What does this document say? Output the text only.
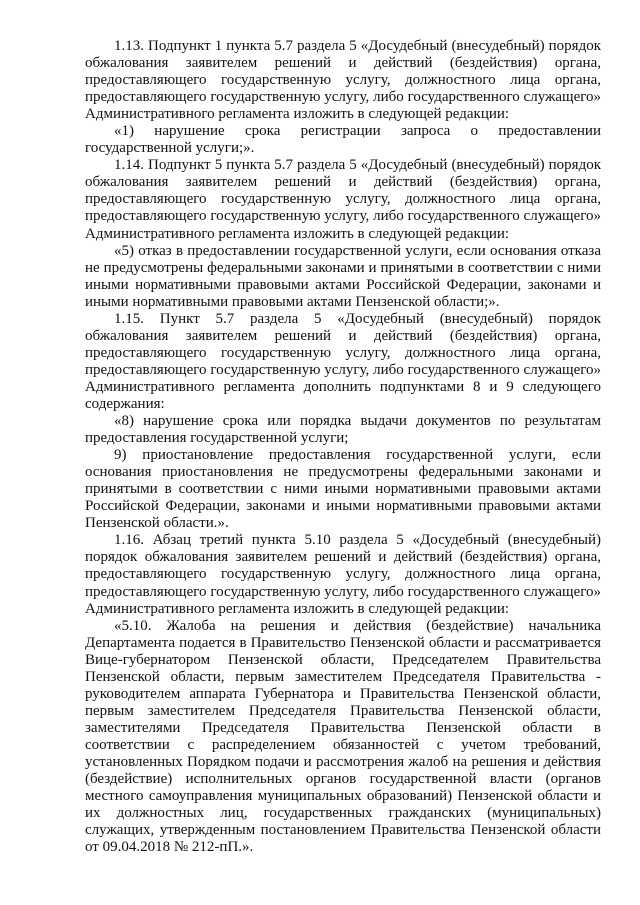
1.13. Подпункт 1 пункта 5.7 раздела 5 «Досудебный (внесудебный) порядок обжалования заявителем решений и действий (бездействия) органа, предоставляющего государственную услугу, должностного лица органа, предоставляющего государственную услугу, либо государственного служащего» Административного регламента изложить в следующей редакции:

«1) нарушение срока регистрации запроса о предоставлении государственной услуги;».

1.14. Подпункт 5 пункта 5.7 раздела 5 «Досудебный (внесудебный) порядок обжалования заявителем решений и действий (бездействия) органа, предоставляющего государственную услугу, должностного лица органа, предоставляющего государственную услугу, либо государственного служащего» Административного регламента изложить в следующей редакции:

«5) отказ в предоставлении государственной услуги, если основания отказа не предусмотрены федеральными законами и принятыми в соответствии с ними иными нормативными правовыми актами Российской Федерации, законами и иными нормативными правовыми актами Пензенской области;».

1.15. Пункт 5.7 раздела 5 «Досудебный (внесудебный) порядок обжалования заявителем решений и действий (бездействия) органа, предоставляющего государственную услугу, должностного лица органа, предоставляющего государственную услугу, либо государственного служащего» Административного регламента дополнить подпунктами 8 и 9 следующего содержания:

«8) нарушение срока или порядка выдачи документов по результатам предоставления государственной услуги;

9) приостановление предоставления государственной услуги, если основания приостановления не предусмотрены федеральными законами и принятыми в соответствии с ними иными нормативными правовыми актами Российской Федерации, законами и иными нормативными правовыми актами Пензенской области.».

1.16. Абзац третий пункта 5.10 раздела 5 «Досудебный (внесудебный) порядок обжалования заявителем решений и действий (бездействия) органа, предоставляющего государственную услугу, должностного лица органа, предоставляющего государственную услугу, либо государственного служащего» Административного регламента изложить в следующей редакции:

«5.10. Жалоба на решения и действия (бездействие) начальника Департамента подается в Правительство Пензенской области и рассматривается Вице-губернатором Пензенской области, Председателем Правительства Пензенской области, первым заместителем Председателя Правительства - руководителем аппарата Губернатора и Правительства Пензенской области, первым заместителем Председателя Правительства Пензенской области, заместителями Председателя Правительства Пензенской области в соответствии с распределением обязанностей с учетом требований, установленных Порядком подачи и рассмотрения жалоб на решения и действия (бездействие) исполнительных органов государственной власти (органов местного самоуправления муниципальных образований) Пензенской области и их должностных лиц, государственных гражданских (муниципальных) служащих, утвержденным постановлением Правительства Пензенской области от 09.04.2018 № 212-пП.».
